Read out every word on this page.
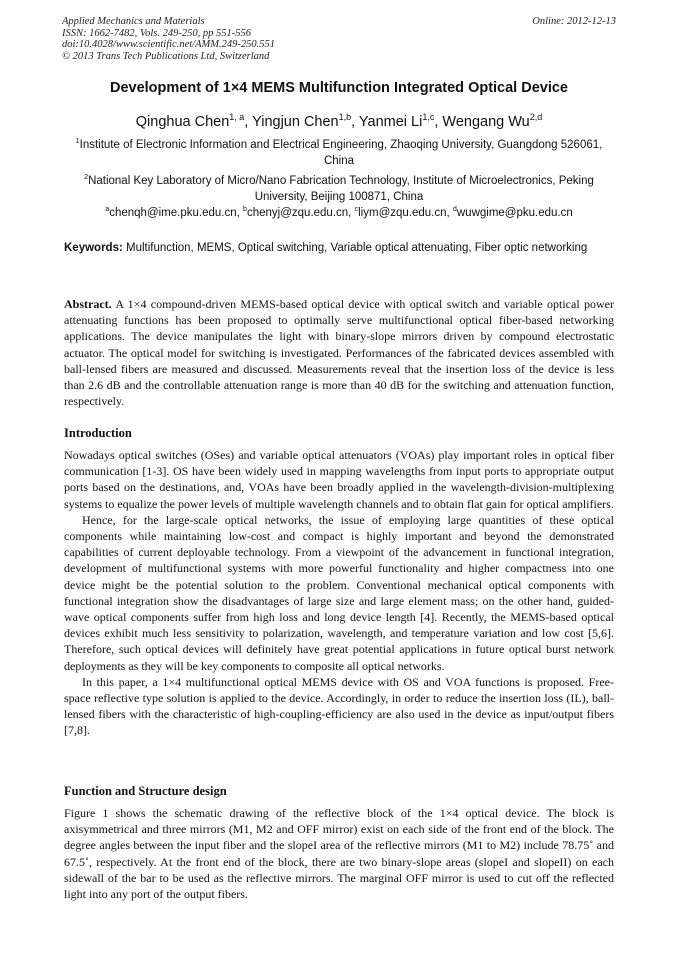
Applied Mechanics and Materials
ISSN: 1662-7482, Vols. 249-250, pp 551-556
doi:10.4028/www.scientific.net/AMM.249-250.551
© 2013 Trans Tech Publications Ltd, Switzerland
Online: 2012-12-13
Development of 1×4 MEMS Multifunction Integrated Optical Device
Qinghua Chen$^{1, a}$, Yingjun Chen$^{1,b}$, Yanmei Li$^{1,c}$, Wengang Wu$^{2,d}$
$^1$Institute of Electronic Information and Electrical Engineering, Zhaoqing University, Guangdong 526061, China
$^2$National Key Laboratory of Micro/Nano Fabrication Technology, Institute of Microelectronics, Peking University, Beijing 100871, China
$^a$chenqh@ime.pku.edu.cn, $^b$chenyj@zqu.edu.cn, $^c$liym@zqu.edu.cn, $^d$wuwgime@pku.edu.cn
Keywords: Multifunction, MEMS, Optical switching, Variable optical attenuating, Fiber optic networking

Abstract. A 1×4 compound-driven MEMS-based optical device with optical switch and variable optical power attenuating functions has been proposed to optimally serve multifunctional optical fiber-based networking applications. The device manipulates the light with binary-slope mirrors driven by compound electrostatic actuator. The optical model for switching is investigated. Performances of the fabricated devices assembled with ball-lensed fibers are measured and discussed. Measurements reveal that the insertion loss of the device is less than 2.6 dB and the controllable attenuation range is more than 40 dB for the switching and attenuation function, respectively.

Introduction

Nowadays optical switches (OSes) and variable optical attenuators (VOAs) play important roles in optical fiber communication [1-3]. OS have been widely used in mapping wavelengths from input ports to appropriate output ports based on the destinations, and, VOAs have been broadly applied in the wavelength-division-multiplexing systems to equalize the power levels of multiple wavelength channels and to obtain flat gain for optical amplifiers.

Hence, for the large-scale optical networks, the issue of employing large quantities of these optical components while maintaining low-cost and compact is highly important and beyond the demonstrated capabilities of current deployable technology. From a viewpoint of the advancement in functional integration, development of multifunctional systems with more powerful functionality and higher compactness into one device might be the potential solution to the problem. Conventional mechanical optical components with functional integration show the disadvantages of large size and large element mass; on the other hand, guided-wave optical components suffer from high loss and long device length [4]. Recently, the MEMS-based optical devices exhibit much less sensitivity to polarization, wavelength, and temperature variation and low cost [5,6]. Therefore, such optical devices will definitely have great potential applications in future optical burst network deployments as they will be key components to composite all optical networks.

In this paper, a 1×4 multifunctional optical MEMS device with OS and VOA functions is proposed. Free-space reflective type solution is applied to the device. Accordingly, in order to reduce the insertion loss (IL), ball-lensed fibers with the characteristic of high-coupling-efficiency are also used in the device as input/output fibers [7,8].

Function and Structure design

Figure 1 shows the schematic drawing of the reflective block of the 1×4 optical device. The block is axisymmetrical and three mirrors (M1, M2 and OFF mirror) exist on each side of the front end of the block. The degree angles between the input fiber and the slopeI area of the reflective mirrors (M1 to M2) include 78.75˚ and 67.5˚, respectively. At the front end of the block, there are two binary-slope areas (slopeI and slopeII) on each sidewall of the bar to be used as the reflective mirrors. The marginal OFF mirror is used to cut off the reflected light into any port of the output fibers.
